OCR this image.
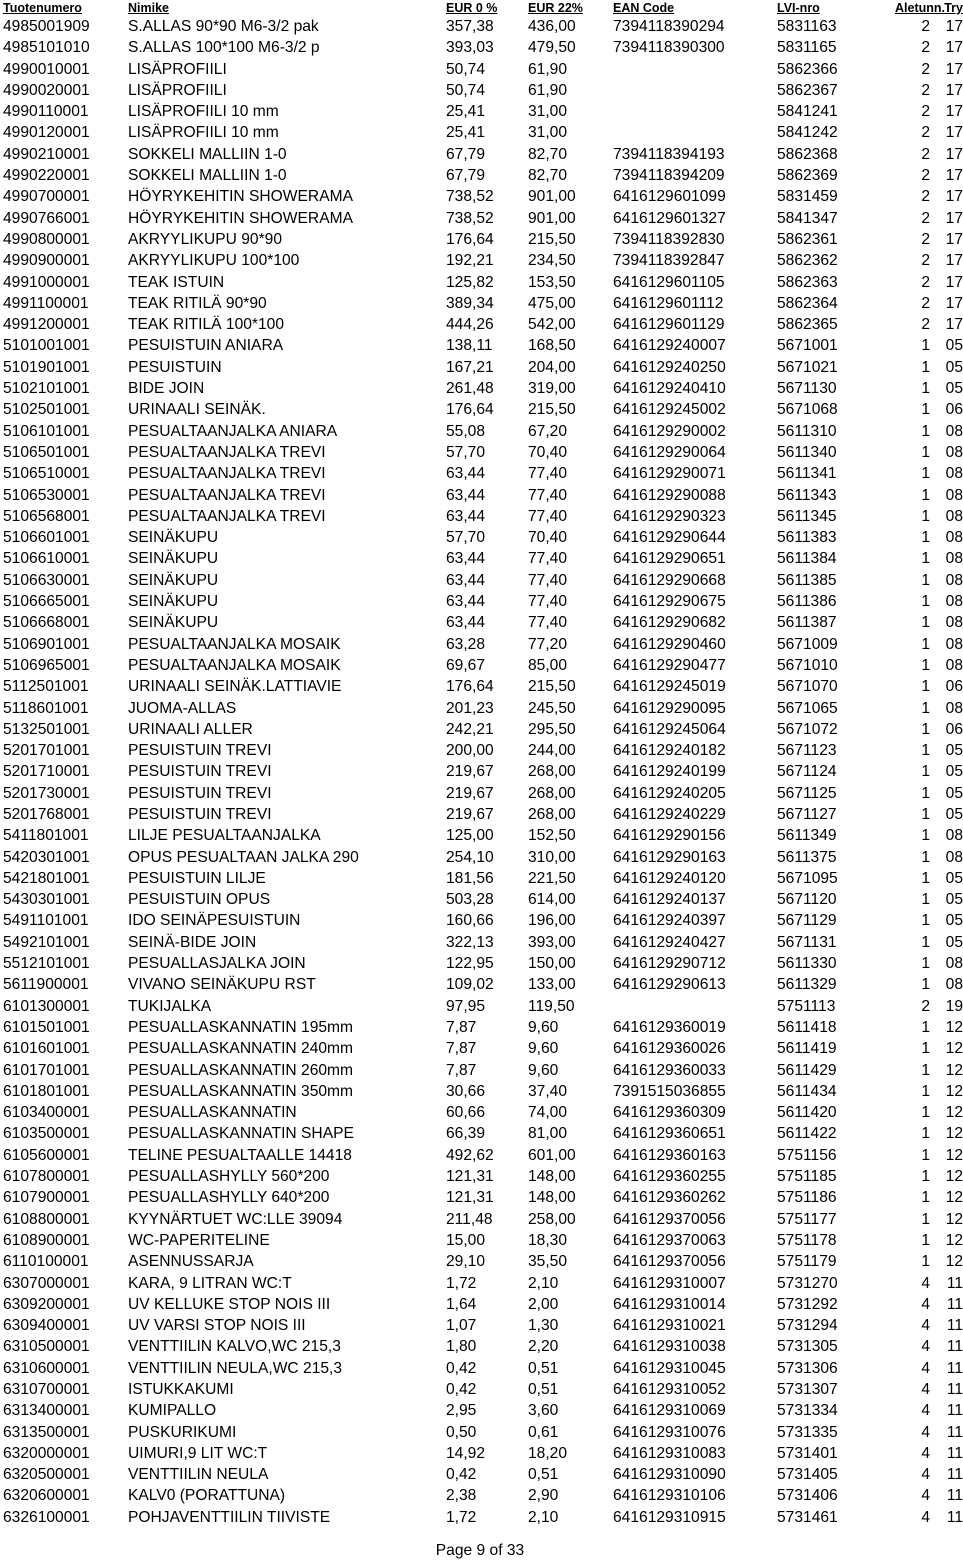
Tuotenumero	Nimike	EUR 0 %	EUR 22%	EAN Code	LVI-nro	Aletunn.	Try
4985001909	S.ALLAS 90*90 M6-3/2 pak	357,38	436,00	7394118390294	5831163	2	17
4985101010	S.ALLAS 100*100 M6-3/2 p	393,03	479,50	7394118390300	5831165	2	17
4990010001	LISÄPROFIILI	50,74	61,90		5862366	2	17
4990020001	LISÄPROFIILI	50,74	61,90		5862367	2	17
4990110001	LISÄPROFIILI 10 mm	25,41	31,00		5841241	2	17
4990120001	LISÄPROFIILI 10 mm	25,41	31,00		5841242	2	17
4990210001	SOKKELI MALLIIN 1-0	67,79	82,70	7394118394193	5862368	2	17
4990220001	SOKKELI MALLIIN 1-0	67,79	82,70	7394118394209	5862369	2	17
4990700001	HÖYRYKEHITIN SHOWERAMA	738,52	901,00	6416129601099	5831459	2	17
4990766001	HÖYRYKEHITIN SHOWERAMA	738,52	901,00	6416129601327	5841347	2	17
4990800001	AKRYYLIKUPU 90*90	176,64	215,50	7394118392830	5862361	2	17
4990900001	AKRYYLIKUPU 100*100	192,21	234,50	7394118392847	5862362	2	17
4991000001	TEAK ISTUIN	125,82	153,50	6416129601105	5862363	2	17
4991100001	TEAK RITILÄ 90*90	389,34	475,00	6416129601112	5862364	2	17
4991200001	TEAK RITILÄ 100*100	444,26	542,00	6416129601129	5862365	2	17
5101001001	PESUISTUIN ANIARA	138,11	168,50	6416129240007	5671001	1	05
5101901001	PESUISTUIN	167,21	204,00	6416129240250	5671021	1	05
5102101001	BIDE JOIN	261,48	319,00	6416129240410	5671130	1	05
5102501001	URINAALI SEINÄK.	176,64	215,50	6416129245002	5671068	1	06
5106101001	PESUALTAANJALKA ANIARA	55,08	67,20	6416129290002	5611310	1	08
5106501001	PESUALTAANJALKA TREVI	57,70	70,40	6416129290064	5611340	1	08
5106510001	PESUALTAANJALKA TREVI	63,44	77,40	6416129290071	5611341	1	08
5106530001	PESUALTAANJALKA TREVI	63,44	77,40	6416129290088	5611343	1	08
5106568001	PESUALTAANJALKA TREVI	63,44	77,40	6416129290323	5611345	1	08
5106601001	SEINÄKUPU	57,70	70,40	6416129290644	5611383	1	08
5106610001	SEINÄKUPU	63,44	77,40	6416129290651	5611384	1	08
5106630001	SEINÄKUPU	63,44	77,40	6416129290668	5611385	1	08
5106665001	SEINÄKUPU	63,44	77,40	6416129290675	5611386	1	08
5106668001	SEINÄKUPU	63,44	77,40	6416129290682	5611387	1	08
5106901001	PESUALTAANJALKA MOSAIK	63,28	77,20	6416129290460	5671009	1	08
5106965001	PESUALTAANJALKA MOSAIK	69,67	85,00	6416129290477	5671010	1	08
5112501001	URINAALI SEINÄK.LATTIAVIE	176,64	215,50	6416129245019	5671070	1	06
5118601001	JUOMA-ALLAS	201,23	245,50	6416129290095	5671065	1	08
5132501001	URINAALI ALLER	242,21	295,50	6416129245064	5671072	1	06
5201701001	PESUISTUIN TREVI	200,00	244,00	6416129240182	5671123	1	05
5201710001	PESUISTUIN TREVI	219,67	268,00	6416129240199	5671124	1	05
5201730001	PESUISTUIN TREVI	219,67	268,00	6416129240205	5671125	1	05
5201768001	PESUISTUIN TREVI	219,67	268,00	6416129240229	5671127	1	05
5411801001	LILJE PESUALTAANJALKA	125,00	152,50	6416129290156	5611349	1	08
5420301001	OPUS PESUALTAAN JALKA 290	254,10	310,00	6416129290163	5611375	1	08
5421801001	PESUISTUIN LILJE	181,56	221,50	6416129240120	5671095	1	05
5430301001	PESUISTUIN OPUS	503,28	614,00	6416129240137	5671120	1	05
5491101001	IDO SEINÄPESUISTUIN	160,66	196,00	6416129240397	5671129	1	05
5492101001	SEINÄ-BIDE JOIN	322,13	393,00	6416129240427	5671131	1	05
5512101001	PESUALLASJALKA JOIN	122,95	150,00	6416129290712	5611330	1	08
5611900001	VIVANO SEINÄKUPU RST	109,02	133,00	6416129290613	5611329	1	08
6101300001	TUKIJALKA	97,95	119,50		5751113	2	19
6101501001	PESUALLASKANNATIN 195mm	7,87	9,60	6416129360019	5611418	1	12
6101601001	PESUALLASKANNATIN 240mm	7,87	9,60	6416129360026	5611419	1	12
6101701001	PESUALLASKANNATIN 260mm	7,87	9,60	6416129360033	5611429	1	12
6101801001	PESUALLASKANNATIN 350mm	30,66	37,40	7391515036855	5611434	1	12
6103400001	PESUALLASKANNATIN	60,66	74,00	6416129360309	5611420	1	12
6103500001	PESUALLASKANNATIN SHAPE	66,39	81,00	6416129360651	5611422	1	12
6105600001	TELINE PESUALTAALLE 14418	492,62	601,00	6416129360163	5751156	1	12
6107800001	PESUALLASHYLLY 560*200	121,31	148,00	6416129360255	5751185	1	12
6107900001	PESUALLASHYLLY 640*200	121,31	148,00	6416129360262	5751186	1	12
6108800001	KYYNÄRTUET WC:LLE 39094	211,48	258,00	6416129370056	5751177	1	12
6108900001	WC-PAPERITELINE	15,00	18,30	6416129370063	5751178	1	12
6110100001	ASENNUSSARJA	29,10	35,50	6416129370056	5751179	1	12
6307000001	KARA, 9 LITRAN WC:T	1,72	2,10	6416129310007	5731270	4	11
6309200001	UV KELLUKE STOP NOIS III	1,64	2,00	6416129310014	5731292	4	11
6309400001	UV VARSI STOP NOIS III	1,07	1,30	6416129310021	5731294	4	11
6310500001	VENTTIILIN KALVO,WC 215,3	1,80	2,20	6416129310038	5731305	4	11
6310600001	VENTTIILIN NEULA,WC 215,3	0,42	0,51	6416129310045	5731306	4	11
6310700001	ISTUKKAKUMI	0,42	0,51	6416129310052	5731307	4	11
6313400001	KUMIPALLO	2,95	3,60	6416129310069	5731334	4	11
6313500001	PUSKURIKUMI	0,50	0,61	6416129310076	5731335	4	11
6320000001	UIMURI,9 LIT WC:T	14,92	18,20	6416129310083	5731401	4	11
6320500001	VENTTIILIN NEULA	0,42	0,51	6416129310090	5731405	4	11
6320600001	KALV0 (PORATTUNA)	2,38	2,90	6416129310106	5731406	4	11
6326100001	POHJAVENTTIILIN TIIVISTE	1,72	2,10	6416129310915	5731461	4	11
Page 9 of 33
